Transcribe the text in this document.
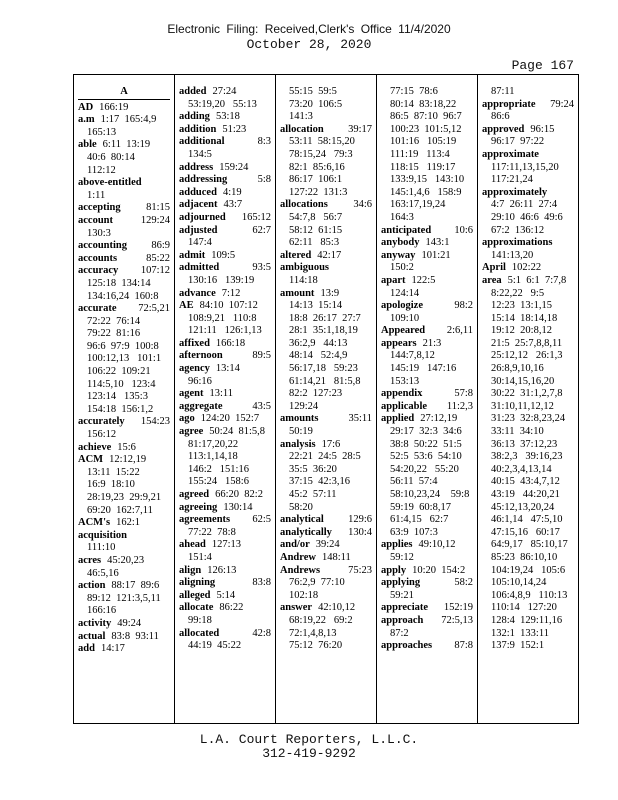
Electronic Filing: Received,Clerk's Office 11/4/2020
October 28, 2020
Page 167
A
AD 166:19
a.m 1:17  165:4,9
165:13
able 6:11  13:19
40:6  80:14
112:12
above-entitled
1:11
accepting 81:15
account	129:24
130:3
accounting 86:9
accounts	85:22
accuracy 107:12
125:18  134:14
134:16,24  160:8
accurate 72:5,21
72:22  76:14
79:22  81:16
96:6  97:9  100:8
100:12,13   101:1
106:22  109:21
114:5,10   123:4
123:14   135:3
154:18  156:1,2
accurately 154:23
156:12
achieve 15:6
ACM 12:12,19
13:11  15:22
16:9  18:10
28:19,23  29:9,21
69:20  162:7,11
ACM's 162:1
acquisition
111:10
acres 45:20,23
46:5,16
action 88:17  89:6
89:12  121:3,5,11
166:16
activity 49:24
actual 83:8  93:11
add 14:17
added 27:24
53:19,20   55:13
adding 53:18
addition 51:23
additional	8:3
134:5
address 159:24
addressing	5:8
adduced 4:19
adjacent 43:7
adjourned 165:12
adjusted	62:7
147:4
admit 109:5
admitted	93:5
130:16   139:19
advance 7:12
AE 84:10  107:12
108:9,21   110:8
121:11   126:1,13
affixed 166:18
afternoon	89:5
agency 13:14
96:16
agent 13:11
aggregate	43:5
ago 124:20  152:7
agree 50:24  81:5,8
81:17,20,22
113:1,14,18
146:2   151:16
155:24   158:6
agreed 66:20  82:2
agreeing 130:14
agreements 62:5
77:22  78:8
ahead 127:13
151:4
align 126:13
aligning	83:8
alleged 5:14
allocate 86:22
99:18
allocated	42:8
44:19  45:22
55:15  59:5
73:20  106:5
141:3
allocation 39:17
53:11  58:15,20
78:15,24   79:3
82:1  85:6,16
86:17  106:1
127:22  131:3
allocations 34:6
54:7,8   56:7
58:12  61:15
62:11   85:3
altered 42:17
ambiguous
114:18
amount 13:9
14:13  15:14
18:8  26:17  27:7
28:1  35:1,18,19
36:2,9   44:13
48:14   52:4,9
56:17,18   59:23
61:14,21   81:5,8
82:2  127:23
129:24
amounts	35:11
50:19
analysis 17:6
22:21  24:5  28:5
35:5  36:20
37:15  42:3,16
45:2  57:11
58:20
analytical 129:6
analytically 130:4
and/or 39:24
Andrew 148:11
Andrews	75:23
76:2,9  77:10
102:18
answer 42:10,12
68:19,22   69:2
72:1,4,8,13
75:12  76:20
77:15  78:6
80:14  83:18,22
86:5  87:10  96:7
100:23  101:5,12
101:16   105:19
111:19   113:4
118:15   119:17
133:9,15   143:10
145:1,4,6   158:9
163:17,19,24
164:3
anticipated 10:6
anybody 143:1
anyway 101:21
150:2
apart 122:5
124:14
apologize	98:2
109:10
Appeared 2:6,11
appears 21:3
144:7,8,12
145:19   147:16
153:13
appendix	57:8
applicable 11:2,3
applied 27:12,19
29:17  32:3  34:6
38:8  50:22  51:5
52:5  53:6  54:10
54:20,22   55:20
56:11  57:4
58:10,23,24    59:8
59:19  60:8,17
61:4,15   62:7
63:9  107:3
applies 49:10,12
59:12
apply 10:20  154:2
applying	58:2
59:21
appreciate 152:19
approach 72:5,13
87:2
approaches 87:8
87:11
appropriate 79:24
86:6
approved 96:15
96:17  97:22
approximate
117:11,13,15,20
117:21,24
approximately
4:7  26:11  27:4
29:10  46:6  49:6
67:2  136:12
approximations
141:13,20
April 102:22
area 5:1  6:1  7:7,8
8:22,22   9:5
12:23  13:1,15
15:14  18:14,18
19:12  20:8,12
21:5  25:7,8,8,11
25:12,12   26:1,3
26:8,9,10,16
30:14,15,16,20
30:22  31:1,2,7,8
31:10,11,12,12
31:23  32:8,23,24
33:11  34:10
36:13  37:12,23
38:2,3   39:16,23
40:2,3,4,13,14
40:15  43:4,7,12
43:19   44:20,21
45:12,13,20,24
46:1,14   47:5,10
47:15,16   60:17
64:9,17   85:10,17
85:23  86:10,10
104:19,24   105:6
105:10,14,24
106:4,8,9   110:13
110:14   127:20
128:4  129:11,16
132:1  133:11
137:9  152:1
L.A. Court Reporters, L.L.C.
312-419-9292
